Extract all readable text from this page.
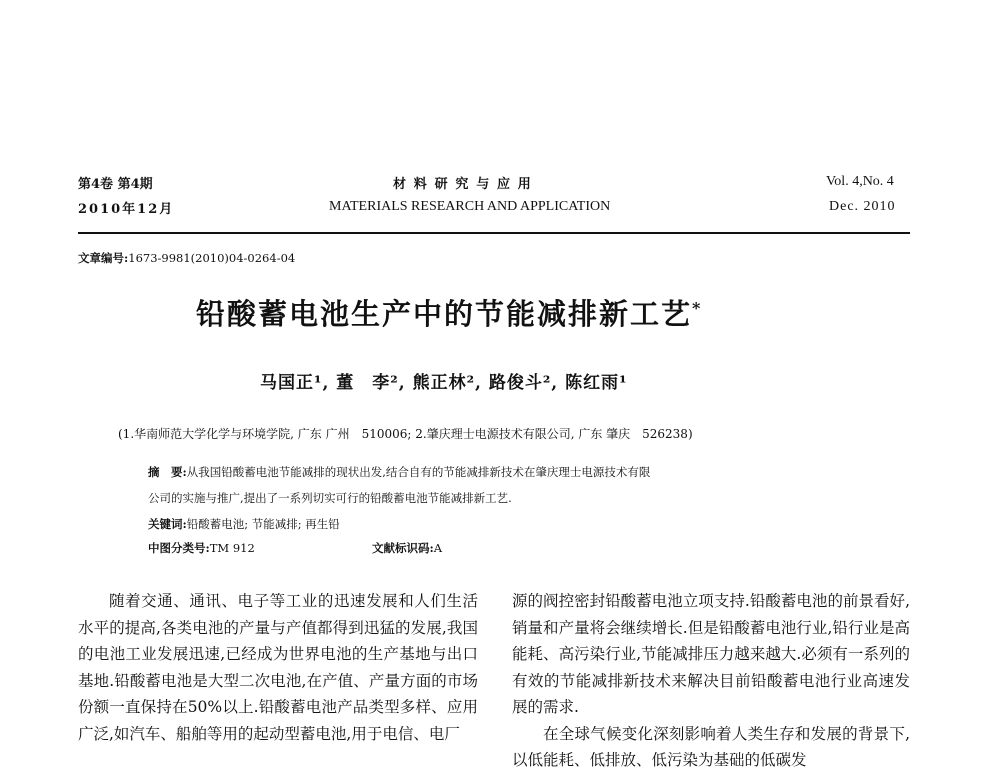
第4卷 第4期
2010年12月
材料研究与应用
MATERIALS RESEARCH AND APPLICATION
Vol. 4,No. 4
Dec. 2010
文章编号:1673-9981(2010)04-0264-04
铅酸蓄电池生产中的节能减排新工艺*
马国正¹, 董　李², 熊正林², 路俊斗², 陈红雨¹
(1.华南师范大学化学与环境学院, 广东 广州　510006; 2.肇庆理士电源技术有限公司, 广东 肇庆　526238)
摘　要:从我国铅酸蓄电池节能减排的现状出发,结合自有的节能减排新技术在肇庆理士电源技术有限
公司的实施与推广,提出了一系列切实可行的铅酸蓄电池节能减排新工艺.
关键词:铅酸蓄电池; 节能减排; 再生铅
中图分类号:TM 912	文献标识码:A

随着交通、通讯、电子等工业的迅速发展和人们生活水平的提高,各类电池的产量与产值都得到迅猛的发展,我国的电池工业发展迅速,已经成为世界电池的生产基地与出口基地.铅酸蓄电池是大型二次电池,在产值、产量方面的市场份额一直保持在50%以上.铅酸蓄电池产品类型多样、应用广泛,如汽车、船舶等用的起动型蓄电池,用于电信、电厂

源的阀控密封铅酸蓄电池立项支持.铅酸蓄电池的前景看好,销量和产量将会继续增长.但是铅酸蓄电池行业,铅行业是高能耗、高污染行业,节能减排压力越来越大.必须有一系列的有效的节能减排新技术来解决目前铅酸蓄电池行业高速发展的需求.

在全球气候变化深刻影响着人类生存和发展的背景下,以低能耗、低排放、低污染为基础的低碳发
